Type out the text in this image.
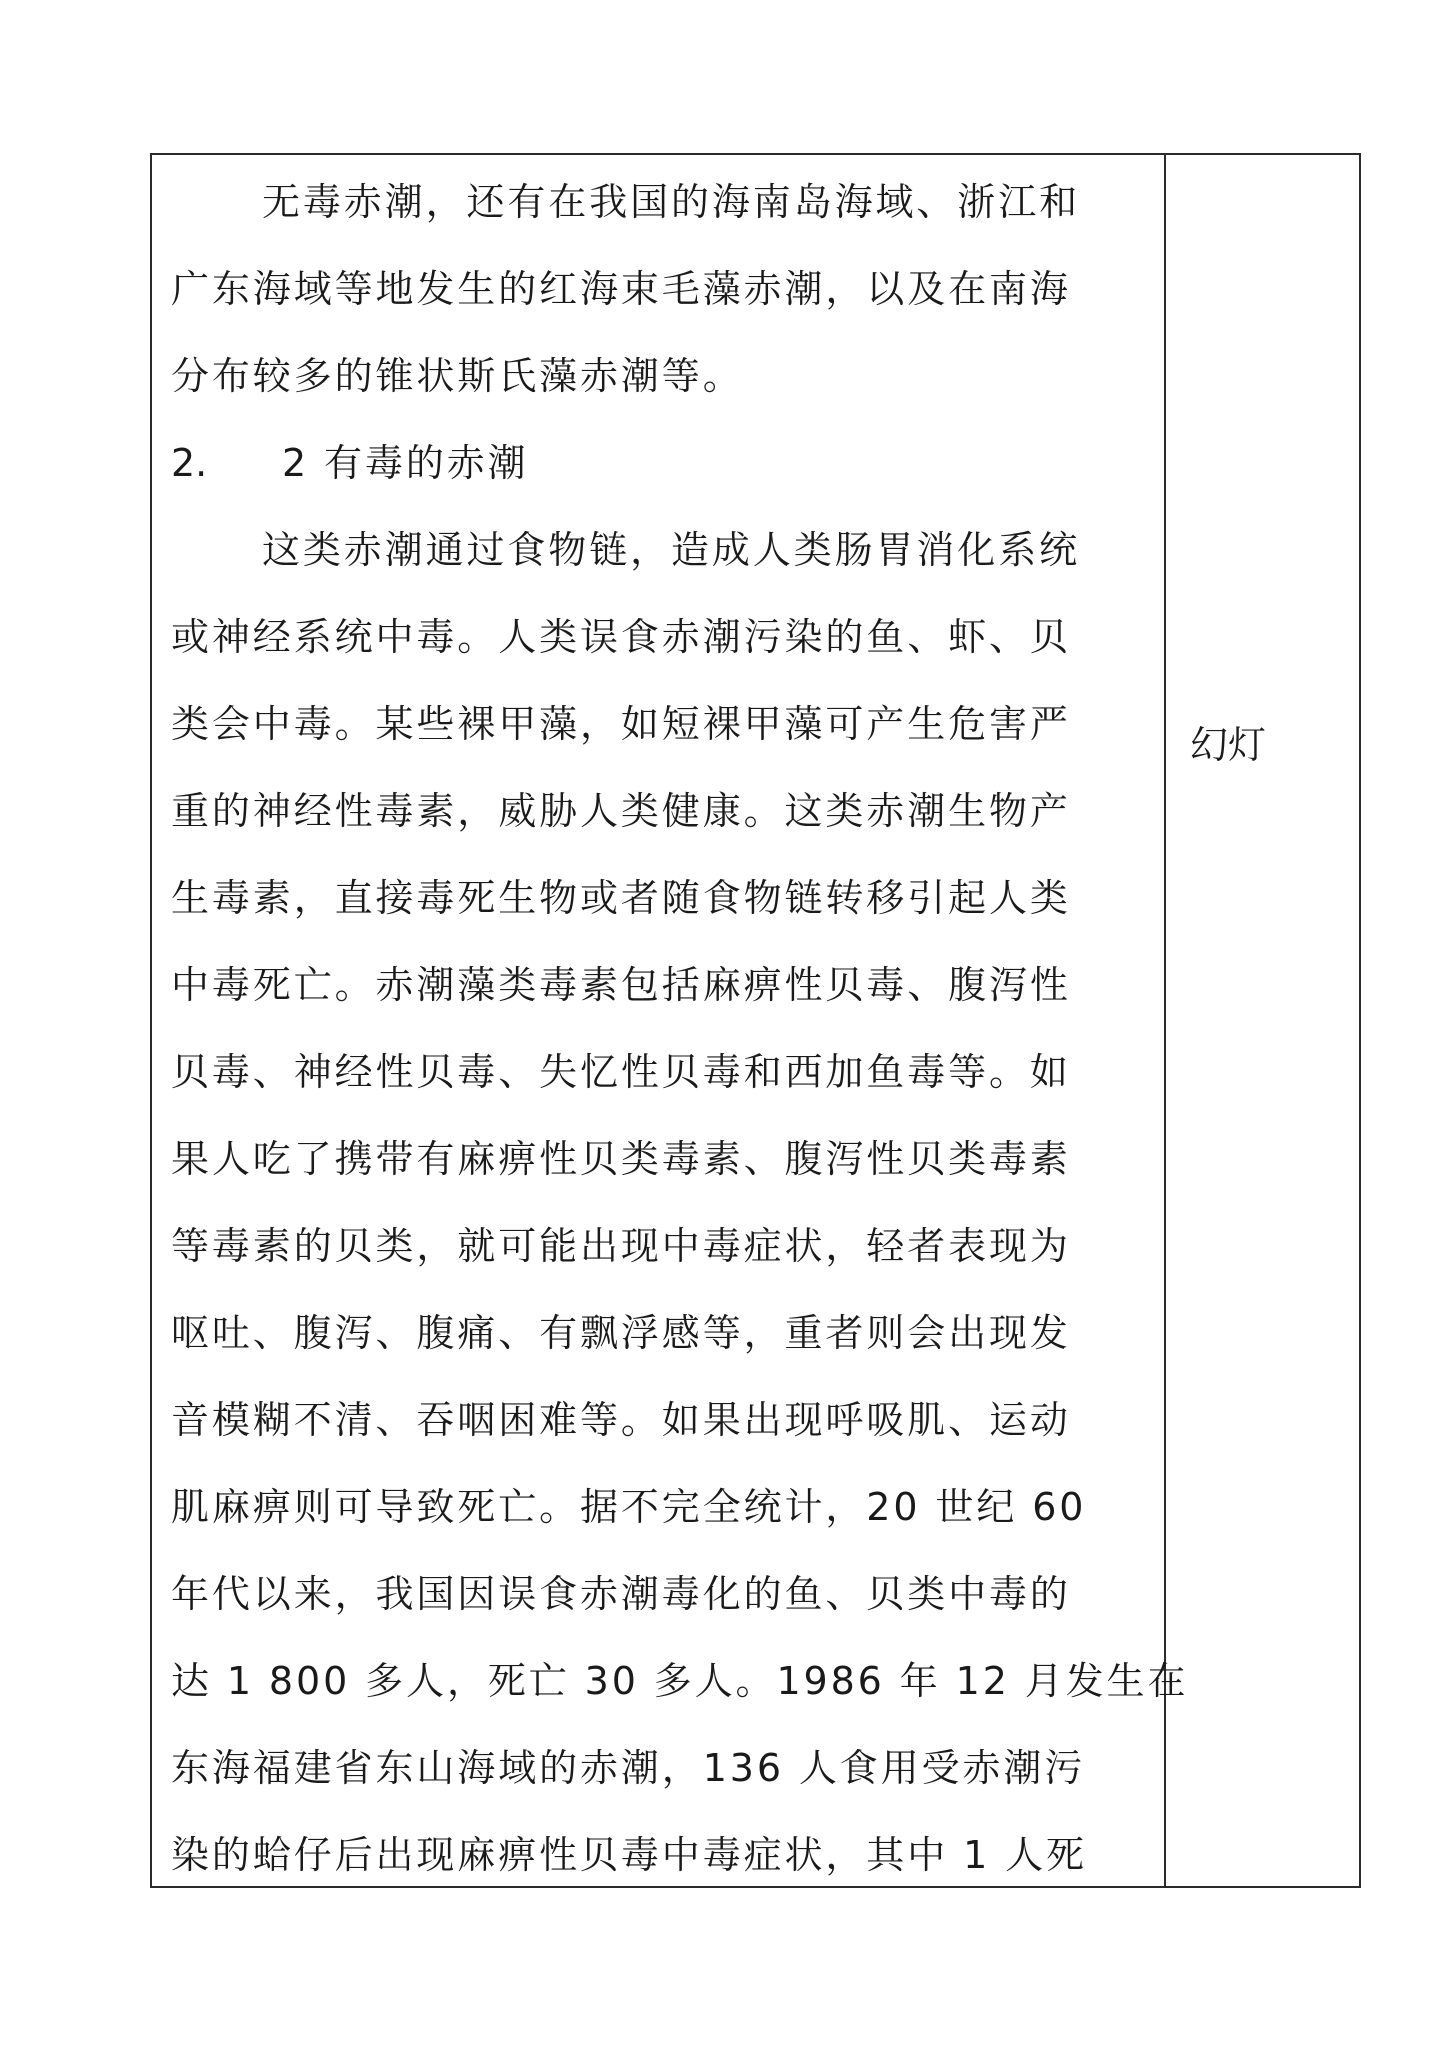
无毒赤潮，还有在我国的海南岛海域、浙江和
广东海域等地发生的红海束毛藻赤潮，以及在南海
分布较多的锥状斯氏藻赤潮等。
2. 2 有毒的赤潮
这类赤潮通过食物链，造成人类肠胃消化系统
或神经系统中毒。人类误食赤潮污染的鱼、虾、贝
类会中毒。某些裸甲藻，如短裸甲藻可产生危害严
重的神经性毒素，威胁人类健康。这类赤潮生物产
生毒素，直接毒死生物或者随食物链转移引起人类
中毒死亡。赤潮藻类毒素包括麻痹性贝毒、腹泻性
贝毒、神经性贝毒、失忆性贝毒和西加鱼毒等。如
果人吃了携带有麻痹性贝类毒素、腹泻性贝类毒素
等毒素的贝类，就可能出现中毒症状，轻者表现为
呕吐、腹泻、腹痛、有飘浮感等，重者则会出现发
音模糊不清、吞咽困难等。如果出现呼吸肌、运动
肌麻痹则可导致死亡。据不完全统计，20 世纪 60
年代以来，我国因误食赤潮毒化的鱼、贝类中毒的
达 1 800 多人，死亡 30 多人。1986 年 12 月发生在
东海福建省东山海域的赤潮，136 人食用受赤潮污
染的蛤仔后出现麻痹性贝毒中毒症状，其中 1 人死
幻灯
